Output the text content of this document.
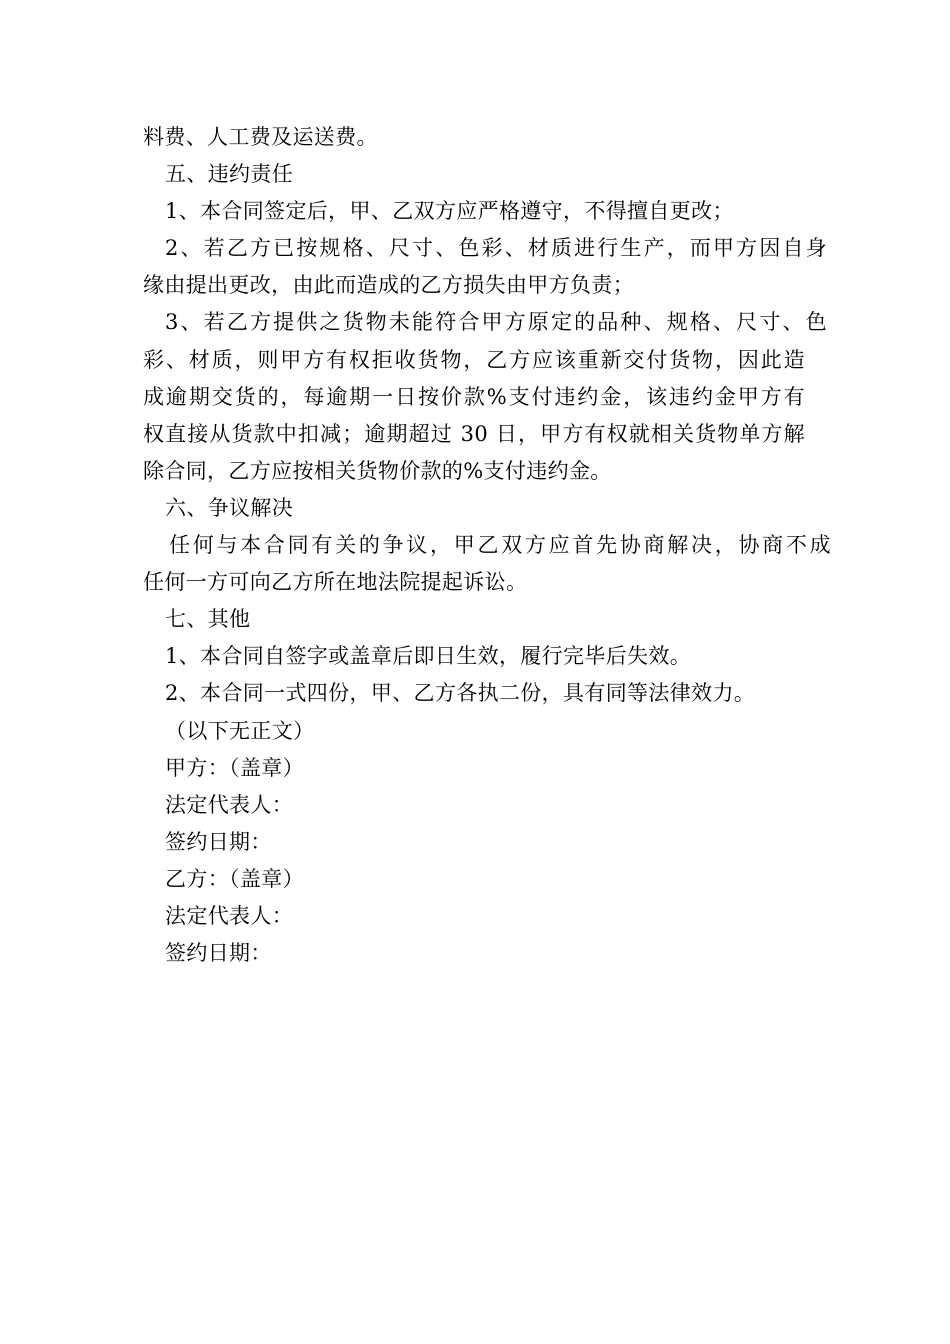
料费、人工费及运送费。
五、违约责任
1、本合同签定后，甲、乙双方应严格遵守，不得擅自更改；
2、若乙方已按规格、尺寸、色彩、材质进行生产，而甲方因自身
缘由提出更改，由此而造成的乙方损失由甲方负责；
3、若乙方提供之货物未能符合甲方原定的品种、规格、尺寸、色
彩、材质，则甲方有权拒收货物，乙方应该重新交付货物，因此造
成逾期交货的，每逾期一日按价款%支付违约金，该违约金甲方有
权直接从货款中扣减；逾期超过 30 日，甲方有权就相关货物单方解
除合同，乙方应按相关货物价款的%支付违约金。
六、争议解决
任何与本合同有关的争议，甲乙双方应首先协商解决，协商不成
任何一方可向乙方所在地法院提起诉讼。
七、其他
1、本合同自签字或盖章后即日生效，履行完毕后失效。
2、本合同一式四份，甲、乙方各执二份，具有同等法律效力。
（以下无正文）
甲方：（盖章）
法定代表人：
签约日期：
乙方：（盖章）
法定代表人：
签约日期：
